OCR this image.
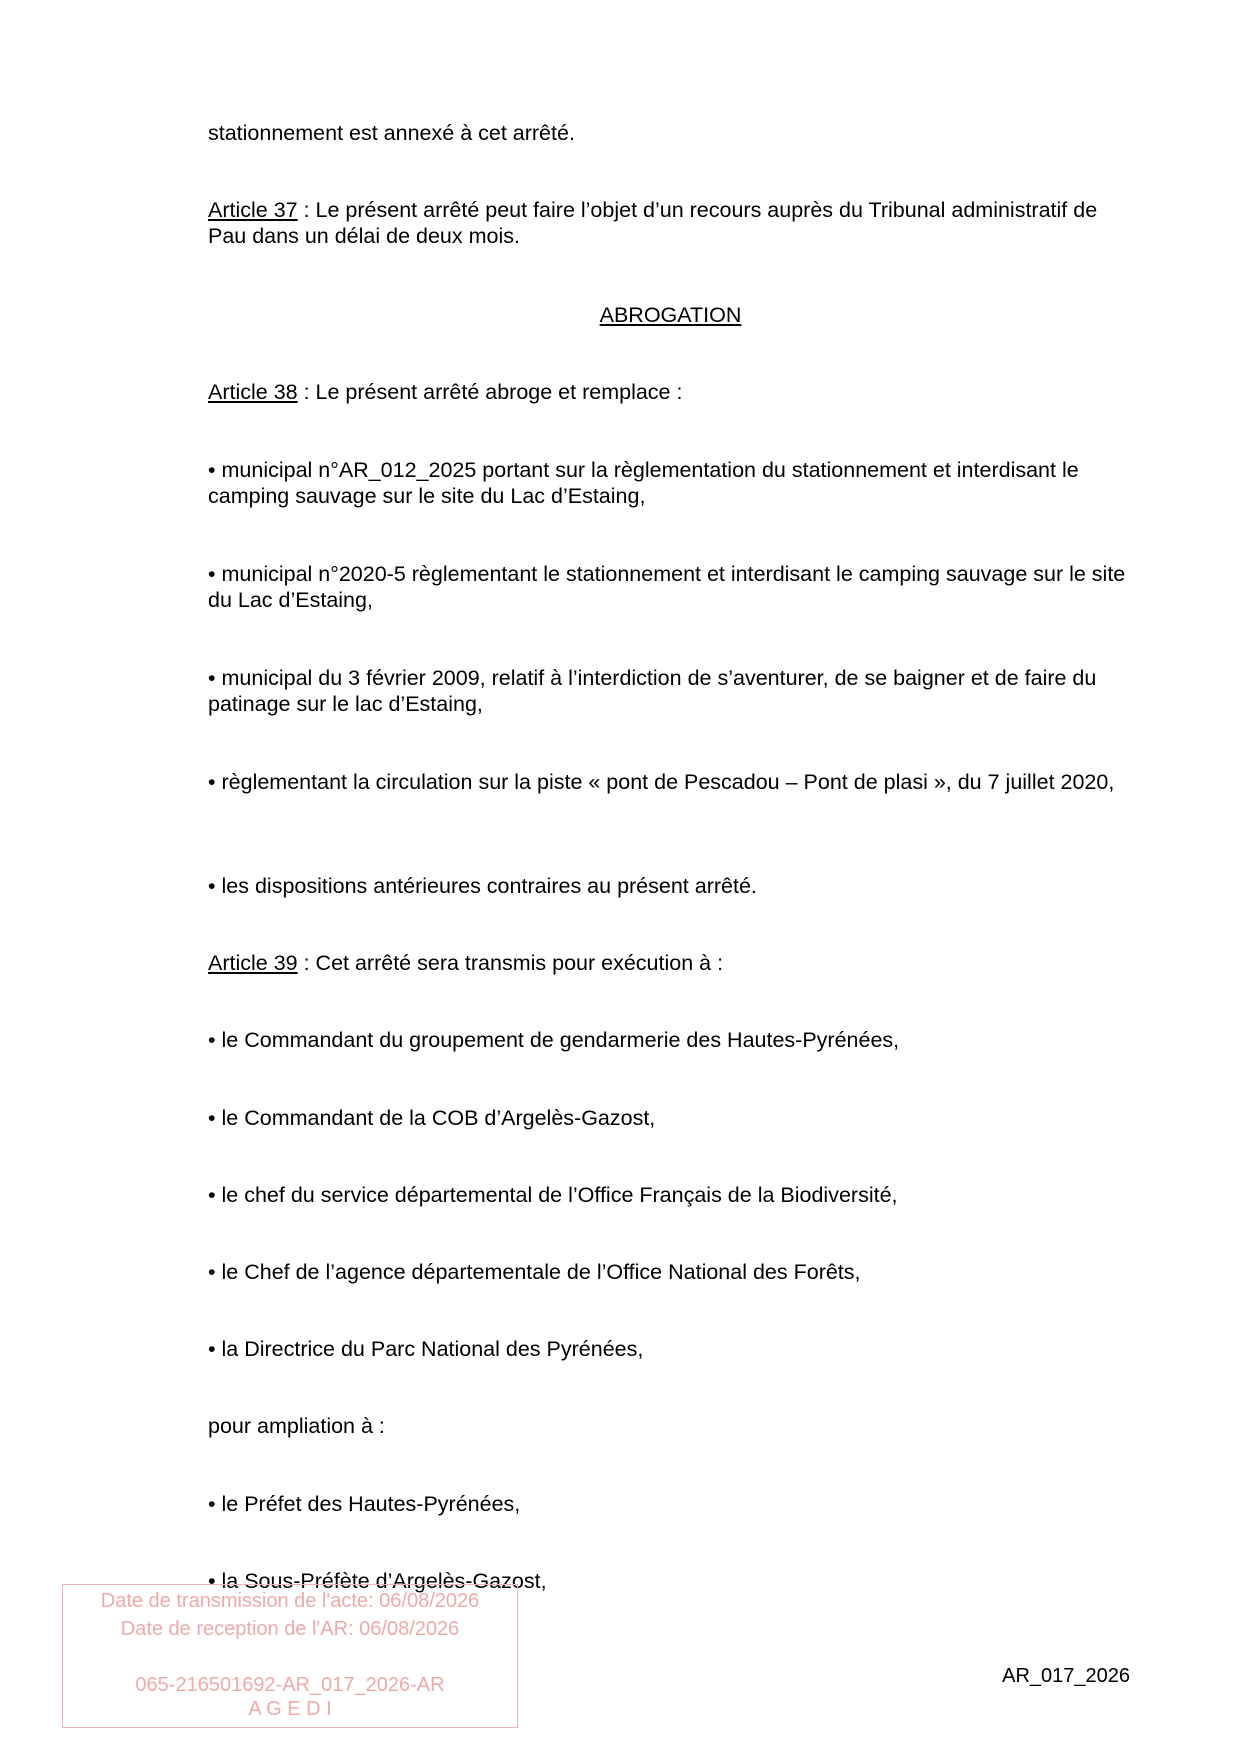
stationnement est annexé à cet arrêté.

Article 37 : Le présent arrêté peut faire l’objet d’un recours auprès du Tribunal administratif de Pau dans un délai de deux mois.

ABROGATION

Article 38 : Le présent arrêté abroge et remplace :

• municipal n°AR_012_2025 portant sur la règlementation du stationnement et interdisant le camping sauvage sur le site du Lac d’Estaing,

• municipal n°2020-5 règlementant le stationnement et interdisant le camping sauvage sur le site du Lac d’Estaing,

• municipal du 3 février 2009, relatif à l’interdiction de s’aventurer, de se baigner et de faire du patinage sur le lac d’Estaing,

• règlementant la circulation sur la piste « pont de Pescadou – Pont de plasi », du 7 juillet 2020,

• les dispositions antérieures contraires au présent arrêté.

Article 39 : Cet arrêté sera transmis pour exécution à :

• le Commandant du groupement de gendarmerie des Hautes-Pyrénées,

• le Commandant de la COB d’Argelès-Gazost,

• le chef du service départemental de l’Office Français de la Biodiversité,

• le Chef de l’agence départementale de l’Office National des Forêts,

• la Directrice du Parc National des Pyrénées,

pour ampliation à :

• le Préfet des Hautes-Pyrénées,

• la Sous-Préfète d’Argelès-Gazost,

AR_017_2026
Date de transmission de l'acte: 06/08/2026
Date de reception de l'AR: 06/08/2026
065-216501692-AR_017_2026-AR
A G E D I
